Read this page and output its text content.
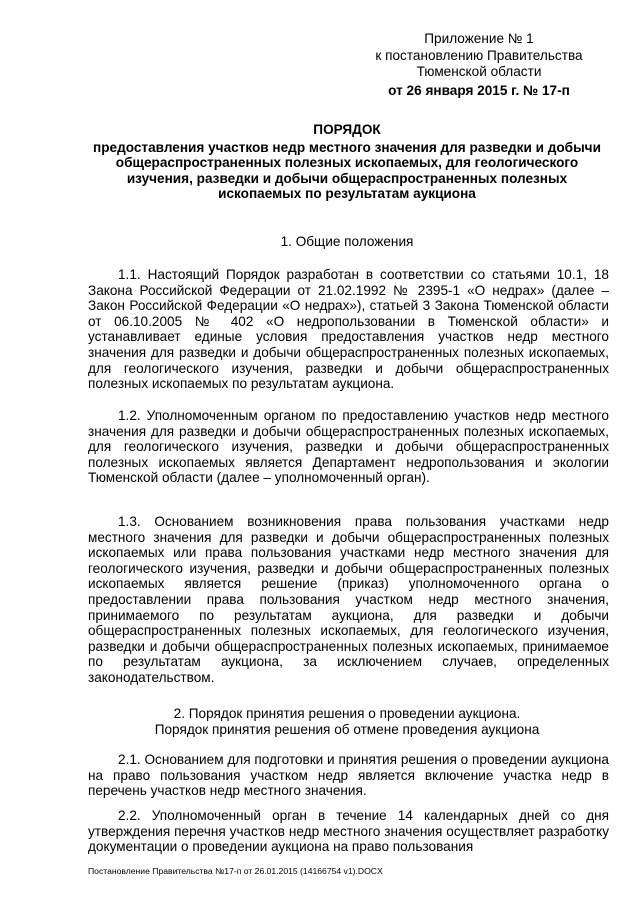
Приложение № 1
к постановлению Правительства
Тюменской области
от 26 января 2015 г. № 17-п
ПОРЯДОК
предоставления участков недр местного значения для разведки и добычи общераспространенных полезных ископаемых, для геологического изучения, разведки и добычи общераспространенных полезных ископаемых по результатам аукциона
1. Общие положения

1.1. Настоящий Порядок разработан в соответствии со статьями 10.1, 18 Закона Российской Федерации от 21.02.1992 № 2395-1 «О недрах» (далее – Закон Российской Федерации «О недрах»), статьей 3 Закона Тюменской области от 06.10.2005 № 402 «О недропользовании в Тюменской области» и устанавливает единые условия предоставления участков недр местного значения для разведки и добычи общераспространенных полезных ископаемых, для геологического изучения, разведки и добычи общераспространенных полезных ископаемых по результатам аукциона.

1.2. Уполномоченным органом по предоставлению участков недр местного значения для разведки и добычи общераспространенных полезных ископаемых, для геологического изучения, разведки и добычи общераспространенных полезных ископаемых является Департамент недропользования и экологии Тюменской области (далее – уполномоченный орган).

1.3. Основанием возникновения права пользования участками недр местного значения для разведки и добычи общераспространенных полезных ископаемых или права пользования участками недр местного значения для геологического изучения, разведки и добычи общераспространенных полезных ископаемых является решение (приказ) уполномоченного органа о предоставлении права пользования участком недр местного значения, принимаемого по результатам аукциона, для разведки и добычи общераспространенных полезных ископаемых, для геологического изучения, разведки и добычи общераспространенных полезных ископаемых, принимаемое по результатам аукциона, за исключением случаев, определенных законодательством.

2. Порядок принятия решения о проведении аукциона.
Порядок принятия решения об отмене проведения аукциона

2.1. Основанием для подготовки и принятия решения о проведении аукциона на право пользования участком недр является включение участка недр в перечень участков недр местного значения.

2.2. Уполномоченный орган в течение 14 календарных дней со дня утверждения перечня участков недр местного значения осуществляет разработку документации о проведении аукциона на право пользования

Постановление Правительства №17-п от 26.01.2015 (14166754 v1).DOCX
